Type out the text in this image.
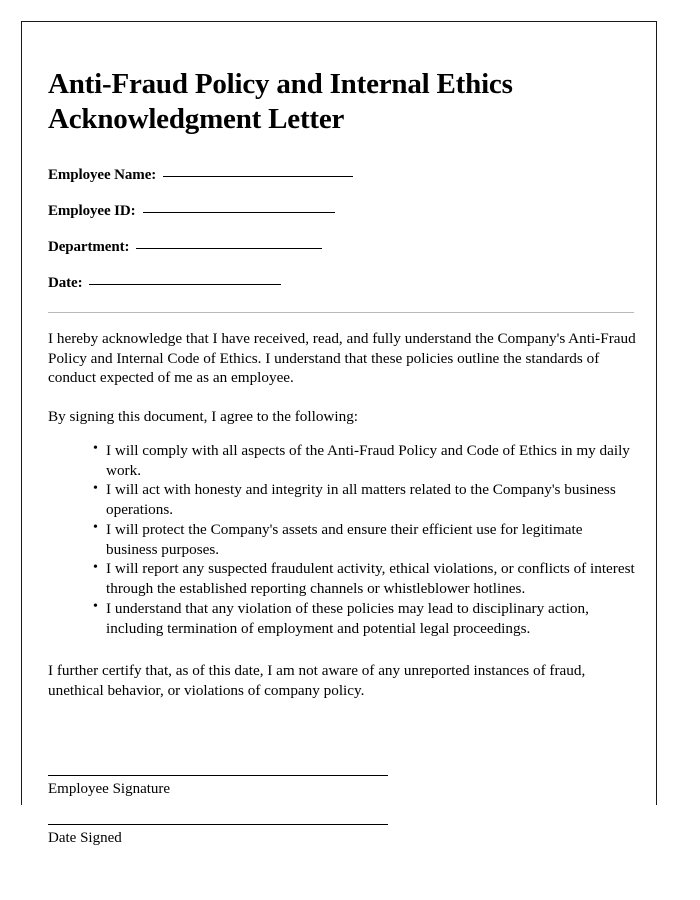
Anti-Fraud Policy and Internal Ethics Acknowledgment Letter
Employee Name:
Employee ID:
Department:
Date:

I hereby acknowledge that I have received, read, and fully understand the Company's Anti-Fraud Policy and Internal Code of Ethics. I understand that these policies outline the standards of conduct expected of me as an employee.

By signing this document, I agree to the following:

• I will comply with all aspects of the Anti-Fraud Policy and Code of Ethics in my daily work.
• I will act with honesty and integrity in all matters related to the Company's business operations.
• I will protect the Company's assets and ensure their efficient use for legitimate business purposes.
• I will report any suspected fraudulent activity, ethical violations, or conflicts of interest through the established reporting channels or whistleblower hotlines.
• I understand that any violation of these policies may lead to disciplinary action, including termination of employment and potential legal proceedings.

I further certify that, as of this date, I am not aware of any unreported instances of fraud, unethical behavior, or violations of company policy.

Employee Signature
Date Signed
